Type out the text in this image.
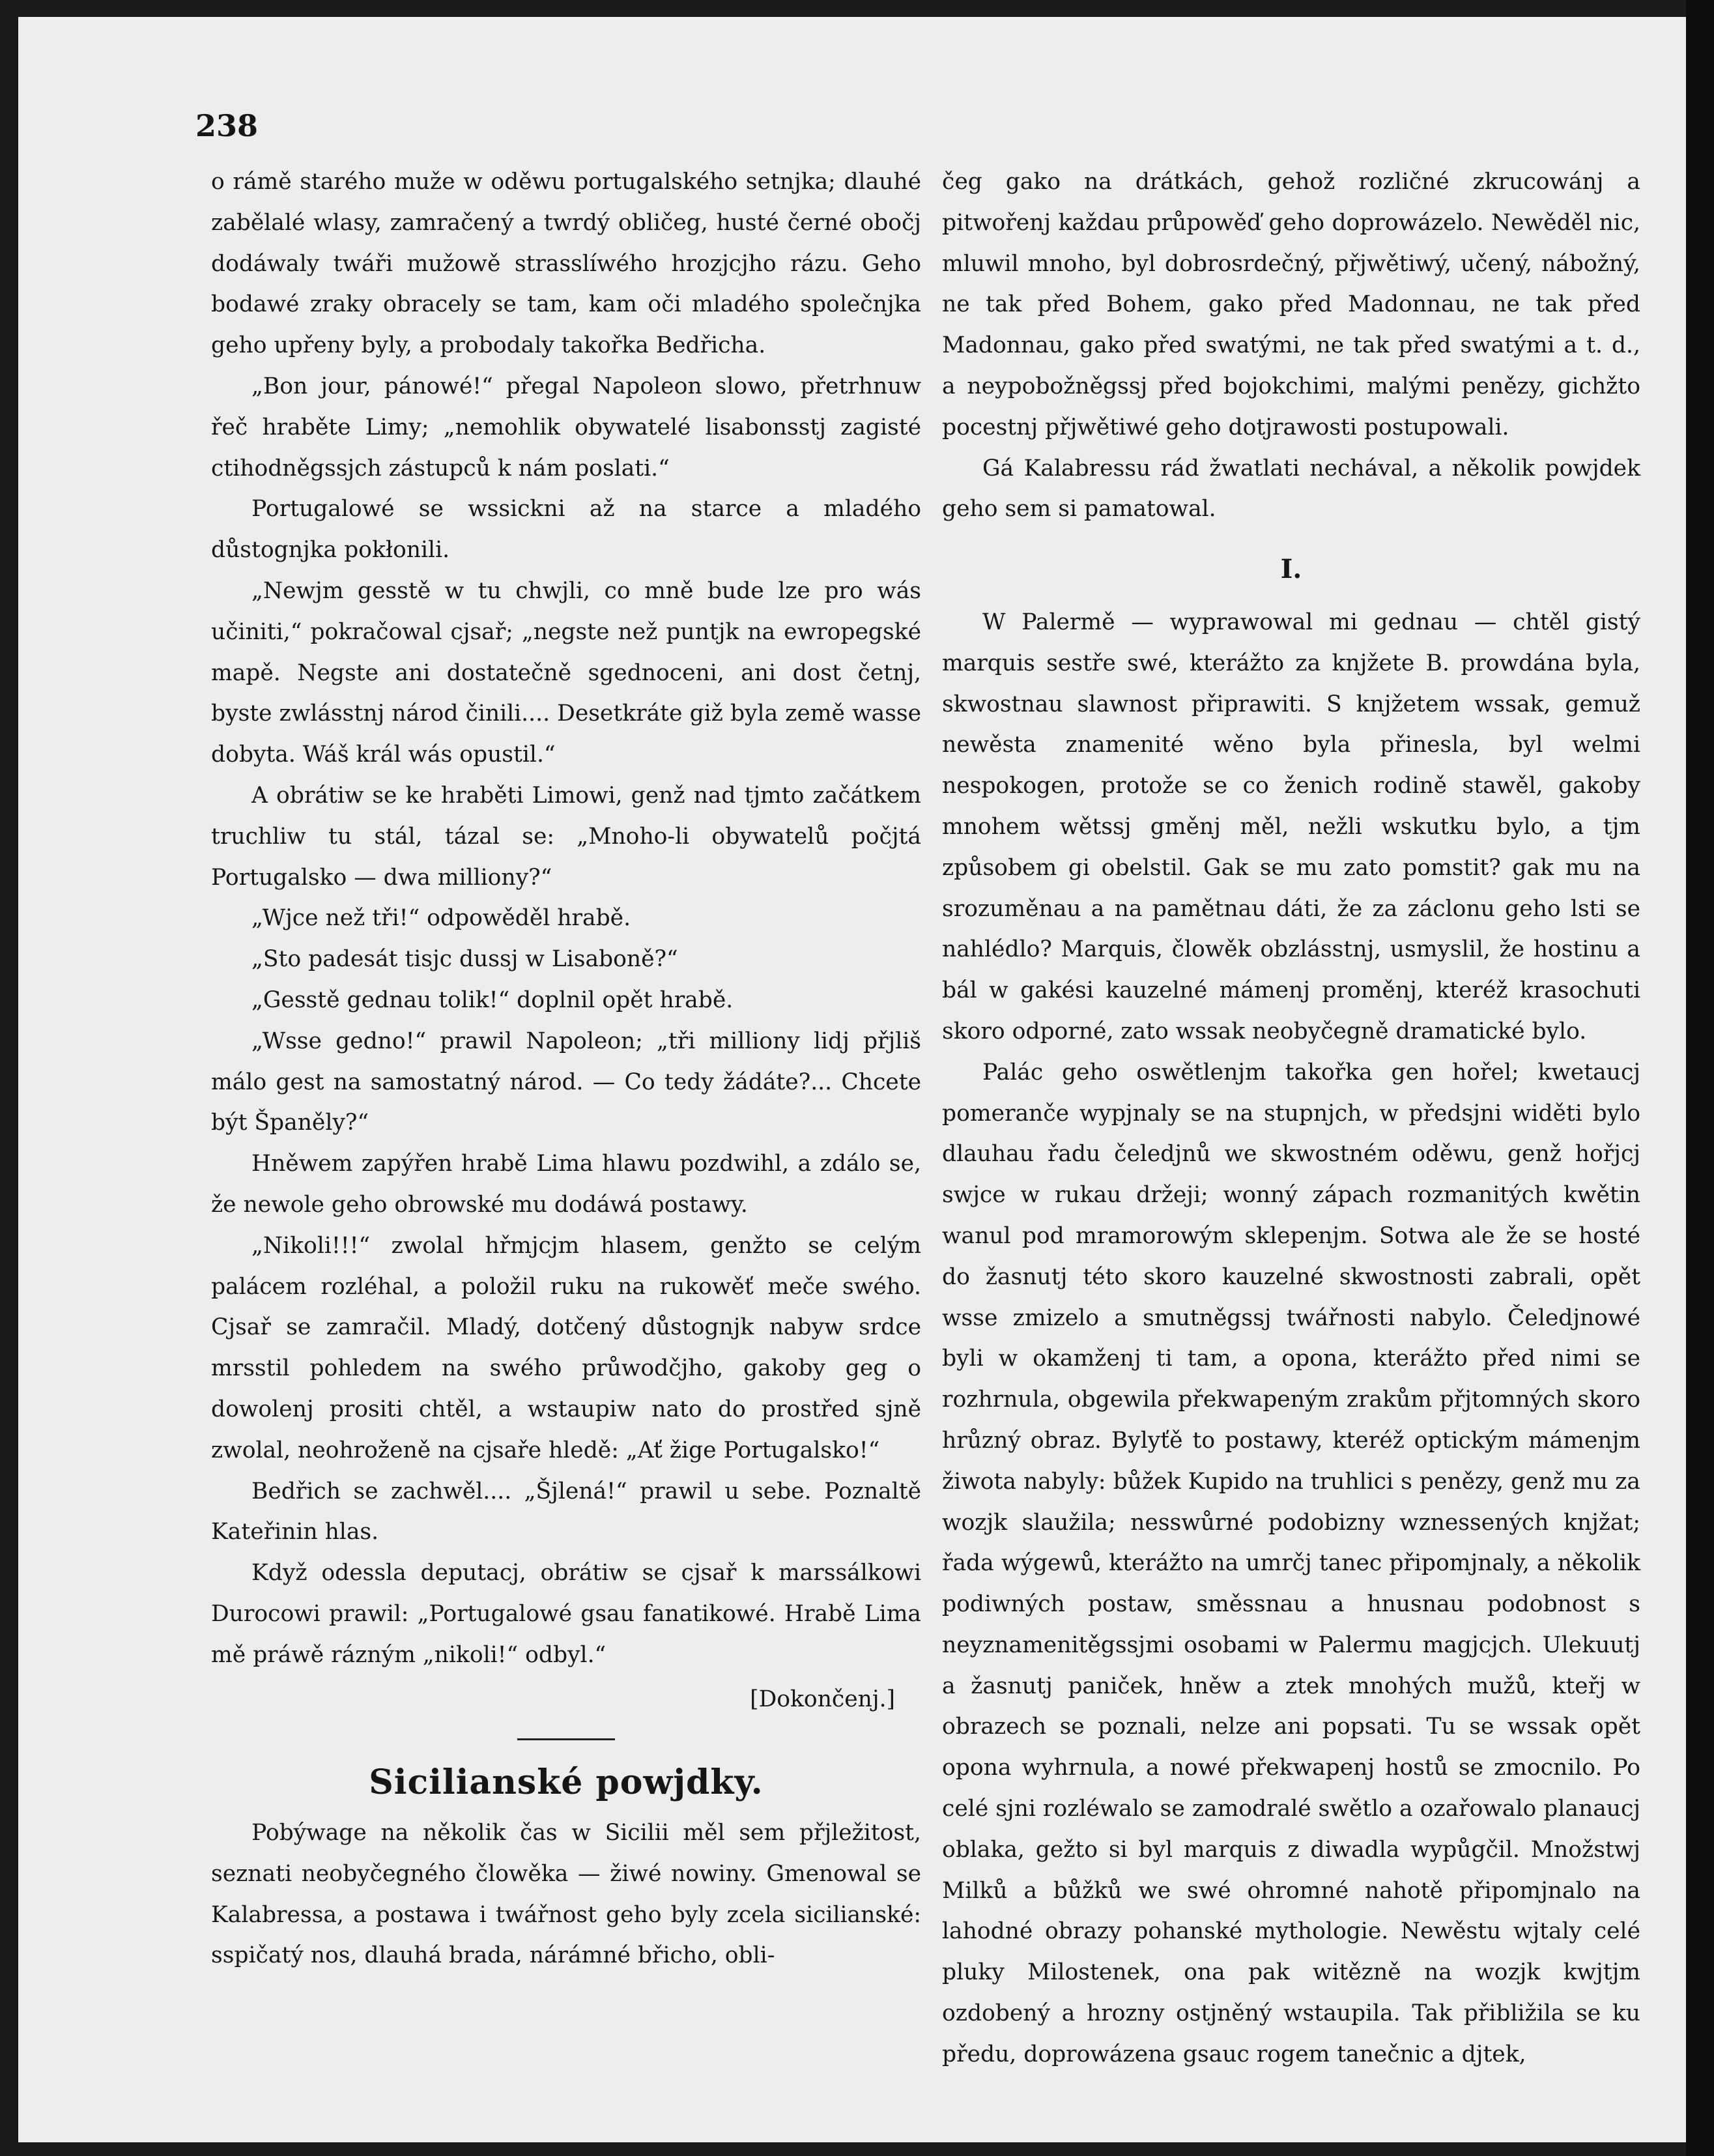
238

o rámě starého muže w oděwu portugalského setnjka; dlauhé zabělalé wlasy, zamračený a twrdý obličeg, husté černé obočj dodáwaly twáři mužowě strasslíwého hrozjcjho rázu. Geho bodawé zraky obracely se tam, kam oči mladého společnjka geho upřeny byly, a probodaly takořka Bedřicha.

„Bon jour, pánowé!“ přegal Napoleon slowo, přetrhnuw řeč hraběte Limy; „nemohlik obywatelé lisabonsstj zagisté ctihodněgssjch zástupců k nám poslati.“

Portugalowé se wssickni až na starce a mladého důstognjka pokłonili.

„Newjm gesstě w tu chwjli, co mně bude lze pro wás učiniti,“ pokračowal cjsař; „negste než puntjk na ewropegské mapě. Negste ani dostatečně sgednoceni, ani dost četnj, byste zwlásstnj národ činili.... Desetkráte giž byla země wasse dobyta. Wáš král wás opustil.“

A obrátiw se ke hraběti Limowi, genž nad tjmto začátkem truchliw tu stál, tázal se: „Mnoho-li obywatelů počjtá Portugalsko — dwa milliony?“

„Wjce než tři!“ odpowěděl hrabě.

„Sto padesát tisjc dussj w Lisaboně?“

„Gesstě gednau tolik!“ doplnil opět hrabě.

„Wsse gedno!“ prawil Napoleon; „tři milliony lidj přjliš málo gest na samostatný národ. — Co tedy žádáte?... Chcete být Španěly?“

Hněwem zapýřen hrabě Lima hlawu pozdwihl, a zdálo se, že newole geho obrowské mu dodáwá postawy.

„Nikoli!!!“ zwolal hřmjcjm hlasem, genžto se celým palácem rozléhal, a položil ruku na rukowěť meče swého. Cjsař se zamračil. Mladý, dotčený důstognjk nabyw srdce mrsstil pohledem na swého průwodčjho, gakoby geg o dowolenj prositi chtěl, a wstaupiw nato do prostřed sjně zwolal, neohroženě na cjsaře hledě: „Ať žige Portugalsko!“

Bedřich se zachwěl.... „Šjlená!“ prawil u sebe. Poznaltě Kateřinin hlas.

Když odessla deputacj, obrátiw se cjsař k marssálkowi Durocowi prawil: „Portugalowé gsau fanatikowé. Hrabě Lima mě práwě rázným „nikoli!“ odbyl.“

[Dokončenj.]

Sicilianské powjdky.

Pobýwage na několik čas w Sicilii měl sem přjležitost, seznati neobyčegného člowěka — žiwé nowiny. Gmenowal se Kalabressa, a postawa i twářnost geho byly zcela sicilianské: sspičatý nos, dlauhá brada, nárámné břicho, obli-

čeg gako na drátkách, gehož rozličné zkrucowánj a pitwořenj každau průpowěď geho doprowázelo. Newěděl nic, mluwil mnoho, byl dobrosrdečný, přjwětiwý, učený, nábožný, ne tak před Bohem, gako před Madonnau, ne tak před Madonnau, gako před swatými, ne tak před swatými a t. d., a neypobožněgssj před bojokchimi, malými penězy, gichžto pocestnj přjwětiwé geho dotjrawosti postupowali.

Gá Kalabressu rád žwatlati nechával, a několik powjdek geho sem si pamatowal.

I.

W Palermě — wyprawowal mi gednau — chtěl gistý marquis sestře swé, kterážto za knjžete B. prowdána byla, skwostnau slawnost připrawiti. S knjžetem wssak, gemuž newěsta znamenité wěno byla přinesla, byl welmi nespokogen, protože se co ženich rodině stawěl, gakoby mnohem wětssj gměnj měl, nežli wskutku bylo, a tjm způsobem gi obelstil. Gak se mu zato pomstit? gak mu na srozuměnau a na pamětnau dáti, že za záclonu geho lsti se nahlédlo? Marquis, člowěk obzlásstnj, usmyslil, že hostinu a bál w gakési kauzelné mámenj proměnj, kteréž krasochuti skoro odporné, zato wssak neobyčegně dramatické bylo.

Palác geho oswětlenjm takořka gen hořel; kwetaucj pomeranče wypjnaly se na stupnjch, w předsjni widěti bylo dlauhau řadu čeledjnů we skwostném oděwu, genž hořjcj swjce w rukau držeji; wonný zápach rozmanitých kwětin wanul pod mramorowým sklepenjm. Sotwa ale že se hosté do žasnutj této skoro kauzelné skwostnosti zabrali, opět wsse zmizelo a smutněgssj twářnosti nabylo. Čeledjnowé byli w okamženj ti tam, a opona, kterážto před nimi se rozhrnula, obgewila překwapeným zrakům přjtomných skoro hrůzný obraz. Bylyťě to postawy, kteréž optickým mámenjm žiwota nabyly: bůžek Kupido na truhlici s penězy, genž mu za wozjk slaužila; nesswůrné podobizny wznessených knjžat; řada wýgewů, kterážto na umrčj tanec připomjnaly, a několik podiwných postaw, směssnau a hnusnau podobnost s neyznamenitěgssjmi osobami w Palermu magjcjch. Ulekuutj a žasnutj paniček, hněw a ztek mnohých mužů, kteřj w obrazech se poznali, nelze ani popsati. Tu se wssak opět opona wyhrnula, a nowé překwapenj hostů se zmocnilo. Po celé sjni rozléwalo se zamodralé swětlo a ozařowalo planaucj oblaka, gežto si byl marquis z diwadla wypůgčil. Množstwj Milků a bůžků we swé ohromné nahotě připomjnalo na lahodné obrazy pohanské mythologie. Newěstu wjtaly celé pluky Milostenek, ona pak witězně na wozjk kwjtjm ozdobený a hrozny ostjněný wstaupila. Tak přibližila se ku předu, doprowázena gsauc rogem tanečnic a djtek,
